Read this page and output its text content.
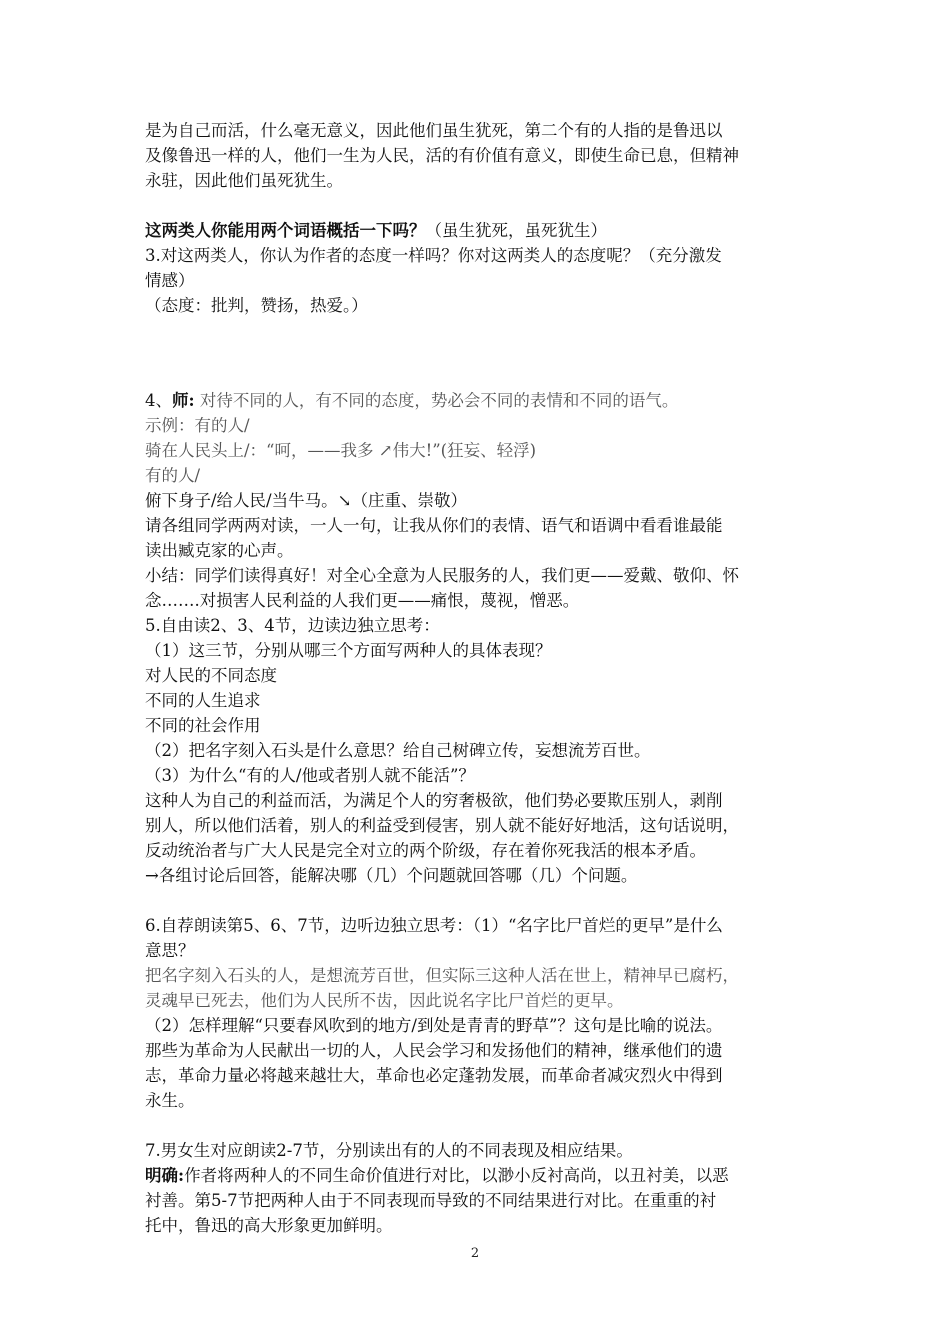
是为自己而活，什么毫无意义，因此他们虽生犹死，第二个有的人指的是鲁迅以
及像鲁迅一样的人，他们一生为人民，活的有价值有意义，即使生命已息，但精神
永驻，因此他们虽死犹生。
这两类人你能用两个词语概括一下吗？（虽生犹死，虽死犹生）
3.对这两类人，你认为作者的态度一样吗？你对这两类人的态度呢？（充分激发
情感）
（态度：批判，赞扬，热爱。）
4、师: 对待不同的人，有不同的态度，势必会不同的表情和不同的语气。
示例：有的人/
骑在人民头上/：“呵，——我多 ↗伟大!”(狂妄、轻浮)
有的人/
俯下身子/给人民/当牛马。↘（庄重、崇敬）
请各组同学两两对读，一人一句，让我从你们的表情、语气和语调中看看谁最能
读出臧克家的心声。
小结：同学们读得真好！对全心全意为人民服务的人，我们更——爱戴、敬仰、怀
念…….对损害人民利益的人我们更——痛恨，蔑视，憎恶。
5.自由读2、3、4节，边读边独立思考：
（1）这三节，分别从哪三个方面写两种人的具体表现？
对人民的不同态度
不同的人生追求
不同的社会作用
（2）把名字刻入石头是什么意思？给自己树碑立传，妄想流芳百世。
（3）为什么“有的人/他或者别人就不能活”？
这种人为自己的利益而活，为满足个人的穷奢极欲，他们势必要欺压别人，剥削
别人，所以他们活着，别人的利益受到侵害，别人就不能好好地活，这句话说明，
反动统治者与广大人民是完全对立的两个阶级，存在着你死我活的根本矛盾。
→各组讨论后回答，能解决哪（几）个问题就回答哪（几）个问题。
6.自荐朗读第5、6、7节，边听边独立思考：（1）“名字比尸首烂的更早”是什么
意思？
把名字刻入石头的人，是想流芳百世，但实际三这种人活在世上，精神早已腐朽，
灵魂早已死去，他们为人民所不齿，因此说名字比尸首烂的更早。
（2）怎样理解“只要春风吹到的地方/到处是青青的野草”？这句是比喻的说法。
那些为革命为人民献出一切的人，人民会学习和发扬他们的精神，继承他们的遗
志，革命力量必将越来越壮大，革命也必定蓬勃发展，而革命者减灾烈火中得到
永生。
7.男女生对应朗读2-7节，分别读出有的人的不同表现及相应结果。
明确:作者将两种人的不同生命价值进行对比，以渺小反衬高尚，以丑衬美，以恶
衬善。第5-7节把两种人由于不同表现而导致的不同结果进行对比。在重重的衬
托中，鲁迅的高大形象更加鲜明。
2
